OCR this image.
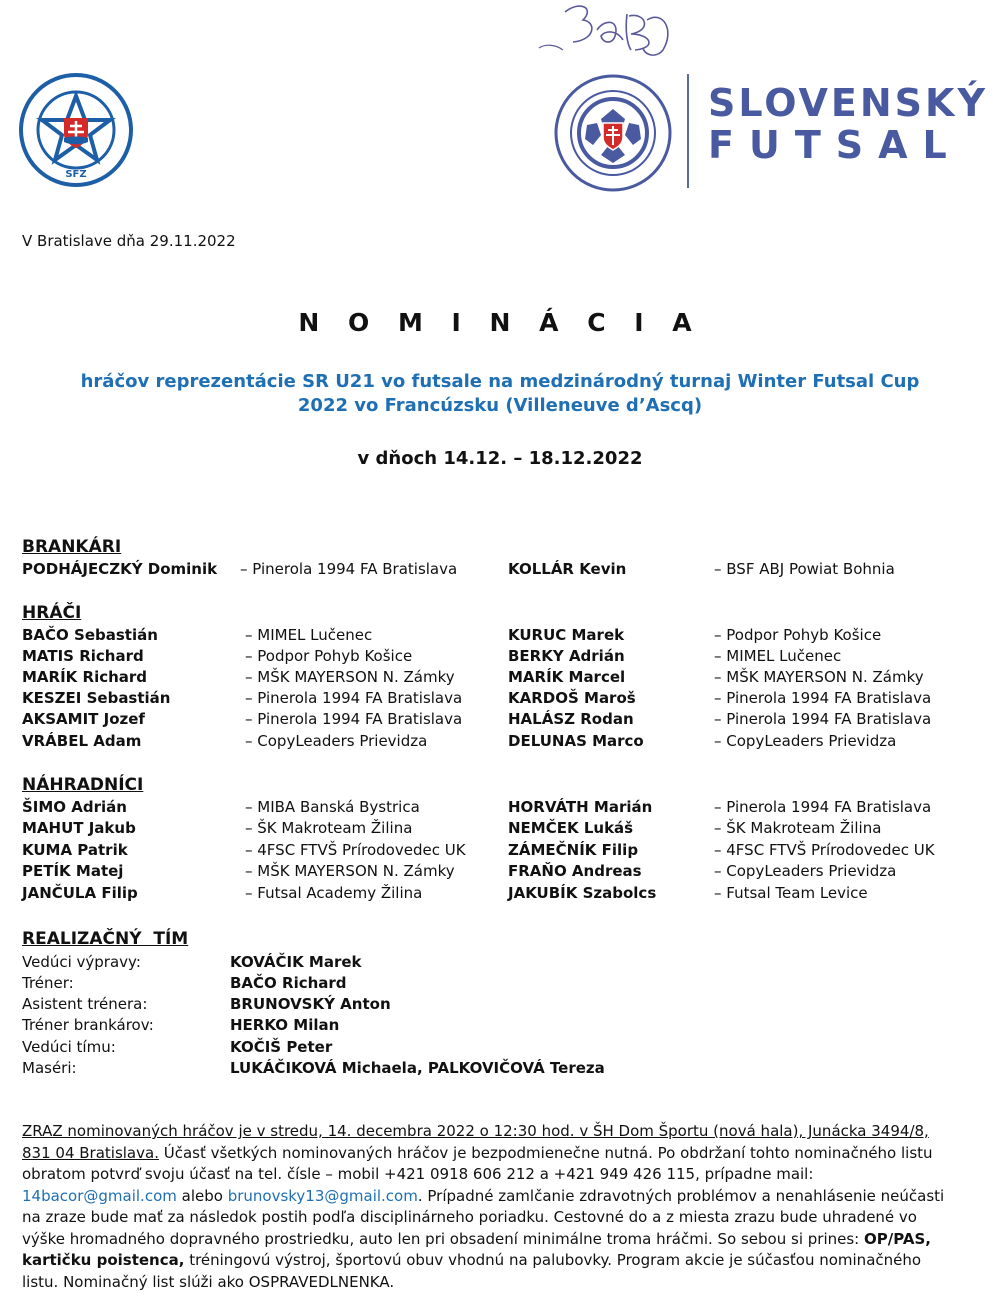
SFZ
SLOVENSKÝ
FUTSAL
V Bratislave dňa 29.11.2022
N O M I N Á C I A
hráčov reprezentácie SR U21 vo futsale na medzinárodný turnaj Winter Futsal Cup
2022 vo Francúzsku (Villeneuve d’Ascq)
v dňoch 14.12. – 18.12.2022
BRANKÁRI
PODHÁJECZKÝ Dominik – Pinerola 1994 FA Bratislava	KOLLÁR Kevin	– BSF ABJ Powiat Bohnia
HRÁČI
BAČO Sebastián	– MIMEL Lučenec	KURUC Marek	– Podpor Pohyb Košice
MATIS Richard	– Podpor Pohyb Košice	BERKY Adrián	– MIMEL Lučenec
MARÍK Richard	– MŠK MAYERSON N. Zámky	MARÍK Marcel	– MŠK MAYERSON N. Zámky
KESZEI Sebastián	– Pinerola 1994 FA Bratislava	KARDOŠ Maroš	– Pinerola 1994 FA Bratislava
AKSAMIT Jozef	– Pinerola 1994 FA Bratislava	HALÁSZ Rodan	– Pinerola 1994 FA Bratislava
VRÁBEL Adam	– CopyLeaders Prievidza	DELUNAS Marco	– CopyLeaders Prievidza
NÁHRADNÍCI
ŠIMO Adrián	– MIBA Banská Bystrica	HORVÁTH Marián	– Pinerola 1994 FA Bratislava
MAHUT Jakub	– ŠK Makroteam Žilina	NEMČEK Lukáš	– ŠK Makroteam Žilina
KUMA Patrik	– 4FSC FTVŠ Prírodovedec UK	ZÁMEČNÍK Filip	– 4FSC FTVŠ Prírodovedec UK
PETÍK Matej	– MŠK MAYERSON N. Zámky	FRAŇO Andreas	– CopyLeaders Prievidza
JANČULA Filip	– Futsal Academy Žilina	JAKUBÍK Szabolcs	– Futsal Team Levice
REALIZAČNÝ  TÍM
Vedúci výpravy:	KOVÁČIK Marek
Tréner:	BAČO Richard
Asistent trénera:	BRUNOVSKÝ Anton
Tréner brankárov:	HERKO Milan
Vedúci tímu:	KOČIŠ Peter
Maséri:	LUKÁČIKOVÁ Michaela, PALKOVIČOVÁ Tereza
ZRAZ nominovaných hráčov je v stredu, 14. decembra 2022 o 12:30 hod. v ŠH Dom Športu (nová hala), Junácka 3494/8, 831 04 Bratislava. Účasť všetkých nominovaných hráčov je bezpodmienečne nutná. Po obdržaní tohto nominačného listu obratom potvrď svoju účasť na tel. čísle – mobil +421 0918 606 212 a +421 949 426 115, prípadne mail: 14bacor@gmail.com alebo brunovsky13@gmail.com. Prípadné zamlčanie zdravotných problémov a nenahlásenie neúčasti na zraze bude mať za následok postih podľa disciplinárneho poriadku. Cestovné do a z miesta zrazu bude uhradené vo výške hromadného dopravného prostriedku, auto len pri obsadení minimálne troma hráčmi. So sebou si prines: OP/PAS, kartičku poistenca, tréningovú výstroj, športovú obuv vhodnú na palubovky. Program akcie je súčasťou nominačného listu. Nominačný list slúži ako OSPRAVEDLNENKA.
